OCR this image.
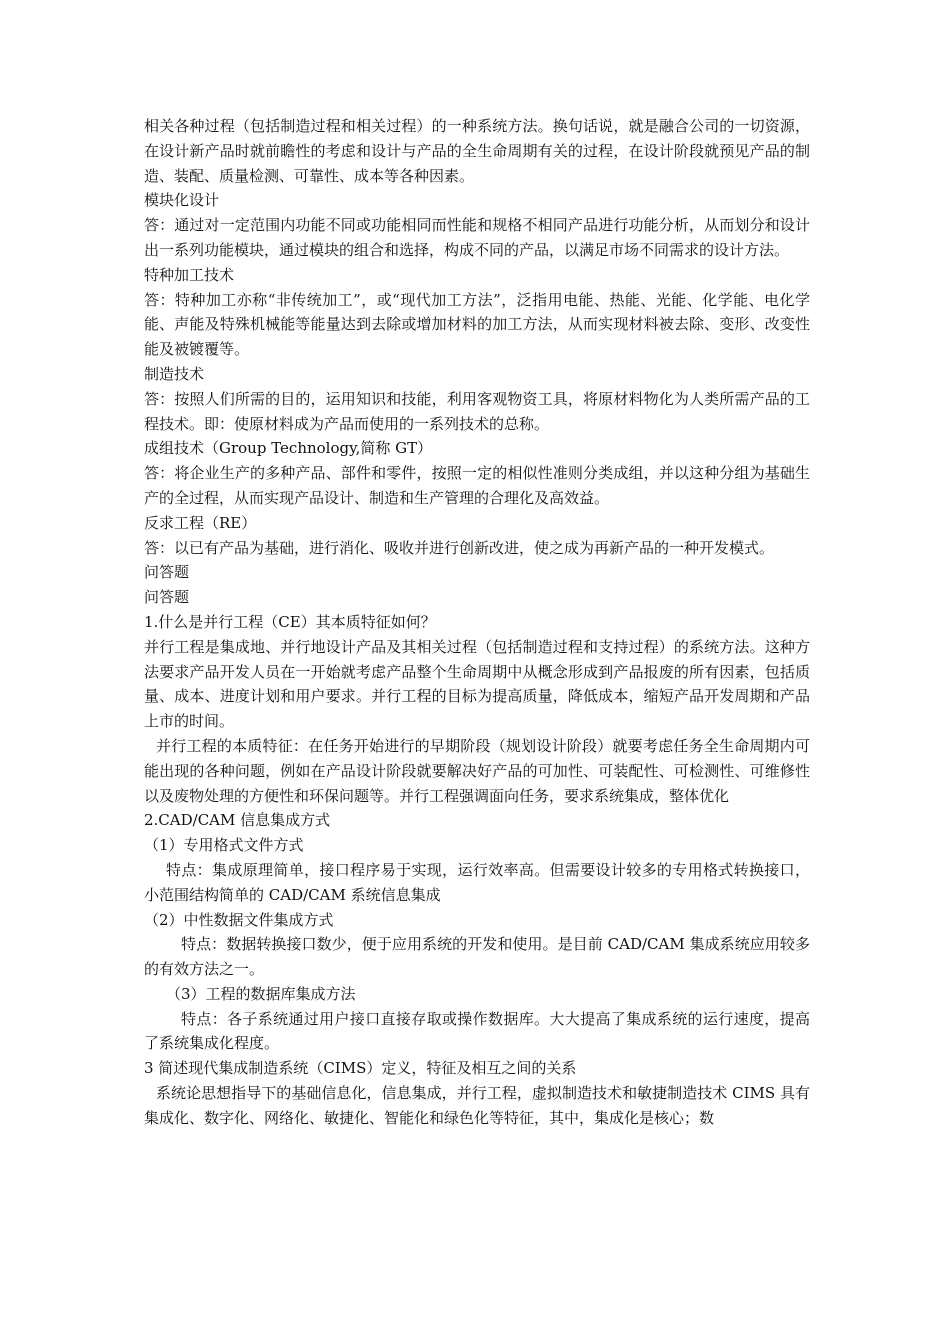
相关各种过程（包括制造过程和相关过程）的一种系统方法。换句话说，就是融合公司的一切资源，在设计新产品时就前瞻性的考虑和设计与产品的全生命周期有关的过程，在设计阶段就预见产品的制造、装配、质量检测、可靠性、成本等各种因素。

模块化设计

答：通过对一定范围内功能不同或功能相同而性能和规格不相同产品进行功能分析，从而划分和设计出一系列功能模块，通过模块的组合和选择，构成不同的产品，以满足市场不同需求的设计方法。

特种加工技术

答：特种加工亦称“非传统加工”，或“现代加工方法”，泛指用电能、热能、光能、化学能、电化学能、声能及特殊机械能等能量达到去除或增加材料的加工方法，从而实现材料被去除、变形、改变性能及被镀覆等。

制造技术

答：按照人们所需的目的，运用知识和技能，利用客观物资工具，将原材料物化为人类所需产品的工程技术。即：使原材料成为产品而使用的一系列技术的总称。

成组技术（Group Technology,简称 GT）

答：将企业生产的多种产品、部件和零件，按照一定的相似性准则分类成组，并以这种分组为基础生产的全过程，从而实现产品设计、制造和生产管理的合理化及高效益。

反求工程（RE）

答：以已有产品为基础，进行消化、吸收并进行创新改进，使之成为再新产品的一种开发模式。

问答题

问答题

1.什么是并行工程（CE）其本质特征如何？

并行工程是集成地、并行地设计产品及其相关过程（包括制造过程和支持过程）的系统方法。这种方法要求产品开发人员在一开始就考虑产品整个生命周期中从概念形成到产品报废的所有因素，包括质量、成本、进度计划和用户要求。并行工程的目标为提高质量，降低成本，缩短产品开发周期和产品上市的时间。

并行工程的本质特征：在任务开始进行的早期阶段（规划设计阶段）就要考虑任务全生命周期内可能出现的各种问题，例如在产品设计阶段就要解决好产品的可加性、可装配性、可检测性、可维修性以及废物处理的方便性和环保问题等。并行工程强调面向任务，要求系统集成，整体优化

2.CAD/CAM 信息集成方式

（1）专用格式文件方式

特点：集成原理简单，接口程序易于实现，运行效率高。但需要设计较多的专用格式转换接口，小范围结构简单的 CAD/CAM 系统信息集成

（2）中性数据文件集成方式

特点：数据转换接口数少，便于应用系统的开发和使用。是目前 CAD/CAM 集成系统应用较多的有效方法之一。

（3）工程的数据库集成方法

特点：各子系统通过用户接口直接存取或操作数据库。大大提高了集成系统的运行速度，提高了系统集成化程度。

3 简述现代集成制造系统（CIMS）定义，特征及相互之间的关系

系统论思想指导下的基础信息化，信息集成，并行工程，虚拟制造技术和敏捷制造技术 CIMS 具有集成化、数字化、网络化、敏捷化、智能化和绿色化等特征，其中，集成化是核心；数
